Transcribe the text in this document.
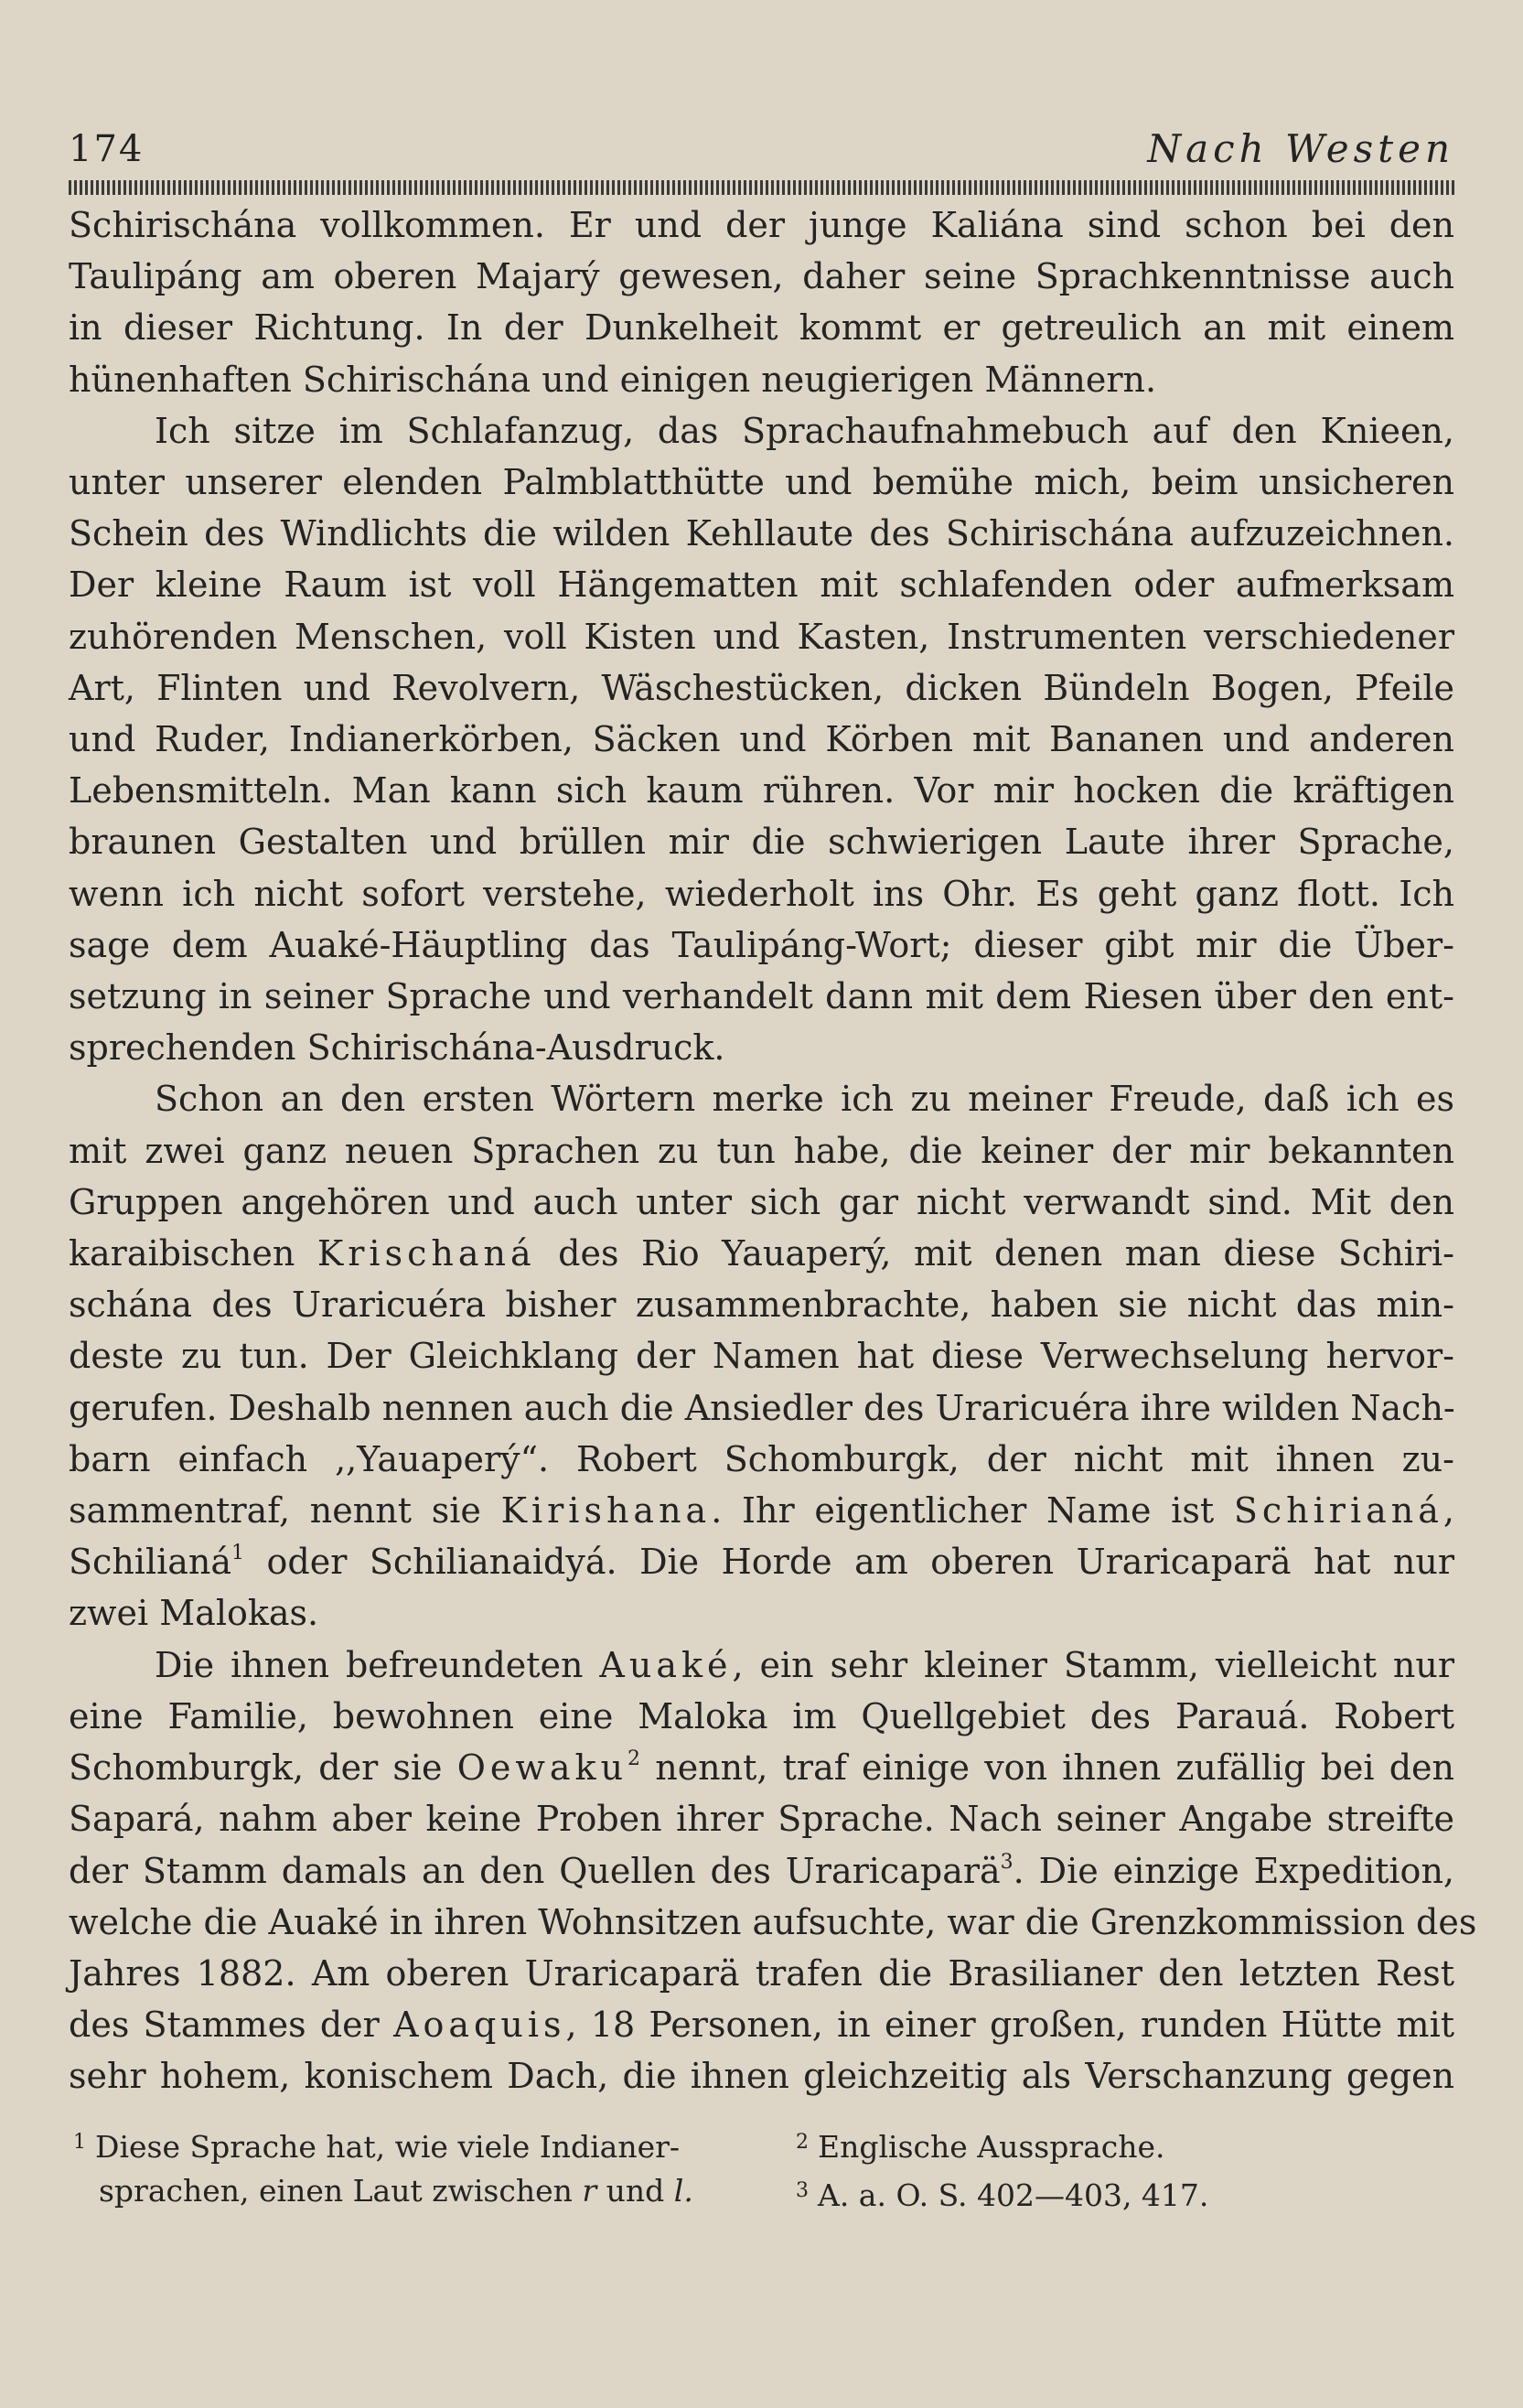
174	Nach Westen
Schirischána vollkommen. Er und der junge Kaliána sind schon bei den
Taulipáng am oberen Majarý gewesen, daher seine Sprachkenntnisse auch
in dieser Richtung. In der Dunkelheit kommt er getreulich an mit einem
hünenhaften Schirischána und einigen neugierigen Männern.
Ich sitze im Schlafanzug, das Sprachaufnahmebuch auf den Knieen,
unter unserer elenden Palmblatthütte und bemühe mich, beim unsicheren
Schein des Windlichts die wilden Kehllaute des Schirischána aufzuzeichnen.
Der kleine Raum ist voll Hängematten mit schlafenden oder aufmerksam
zuhörenden Menschen, voll Kisten und Kasten, Instrumenten verschiedener
Art, Flinten und Revolvern, Wäschestücken, dicken Bündeln Bogen, Pfeile
und Ruder, Indianerkörben, Säcken und Körben mit Bananen und anderen
Lebensmitteln. Man kann sich kaum rühren. Vor mir hocken die kräftigen
braunen Gestalten und brüllen mir die schwierigen Laute ihrer Sprache,
wenn ich nicht sofort verstehe, wiederholt ins Ohr. Es geht ganz flott. Ich
sage dem Auaké-Häuptling das Taulipáng-Wort; dieser gibt mir die Über-
setzung in seiner Sprache und verhandelt dann mit dem Riesen über den ent-
sprechenden Schirischána-Ausdruck.
Schon an den ersten Wörtern merke ich zu meiner Freude, daß ich es
mit zwei ganz neuen Sprachen zu tun habe, die keiner der mir bekannten
Gruppen angehören und auch unter sich gar nicht verwandt sind. Mit den
karaibischen Krischaná des Rio Yauaperý, mit denen man diese Schiri-
schána des Uraricuéra bisher zusammenbrachte, haben sie nicht das min-
deste zu tun. Der Gleichklang der Namen hat diese Verwechselung hervor-
gerufen. Deshalb nennen auch die Ansiedler des Uraricuéra ihre wilden Nach-
barn einfach ,,Yauaperý“. Robert Schomburgk, der nicht mit ihnen zu-
sammentraf, nennt sie Kirishana. Ihr eigentlicher Name ist Schirianá,
Schilianá$^1$ oder Schilianaidyá. Die Horde am oberen Uraricaparä hat nur
zwei Malokas.
Die ihnen befreundeten Auaké, ein sehr kleiner Stamm, vielleicht nur
eine Familie, bewohnen eine Maloka im Quellgebiet des Parauá. Robert
Schomburgk, der sie Oewaku$^2$ nennt, traf einige von ihnen zufällig bei den
Sapará, nahm aber keine Proben ihrer Sprache. Nach seiner Angabe streifte
der Stamm damals an den Quellen des Uraricaparä$^3$. Die einzige Expedition,
welche die Auaké in ihren Wohnsitzen aufsuchte, war die Grenzkommission des
Jahres 1882. Am oberen Uraricaparä trafen die Brasilianer den letzten Rest
des Stammes der Aoaquis, 18 Personen, in einer großen, runden Hütte mit
sehr hohem, konischem Dach, die ihnen gleichzeitig als Verschanzung gegen
$^1$ Diese Sprache hat, wie viele Indianer-
sprachen, einen Laut zwischen r und l.
$^2$ Englische Aussprache.
$^3$ A. a. O. S. 402—403, 417.
